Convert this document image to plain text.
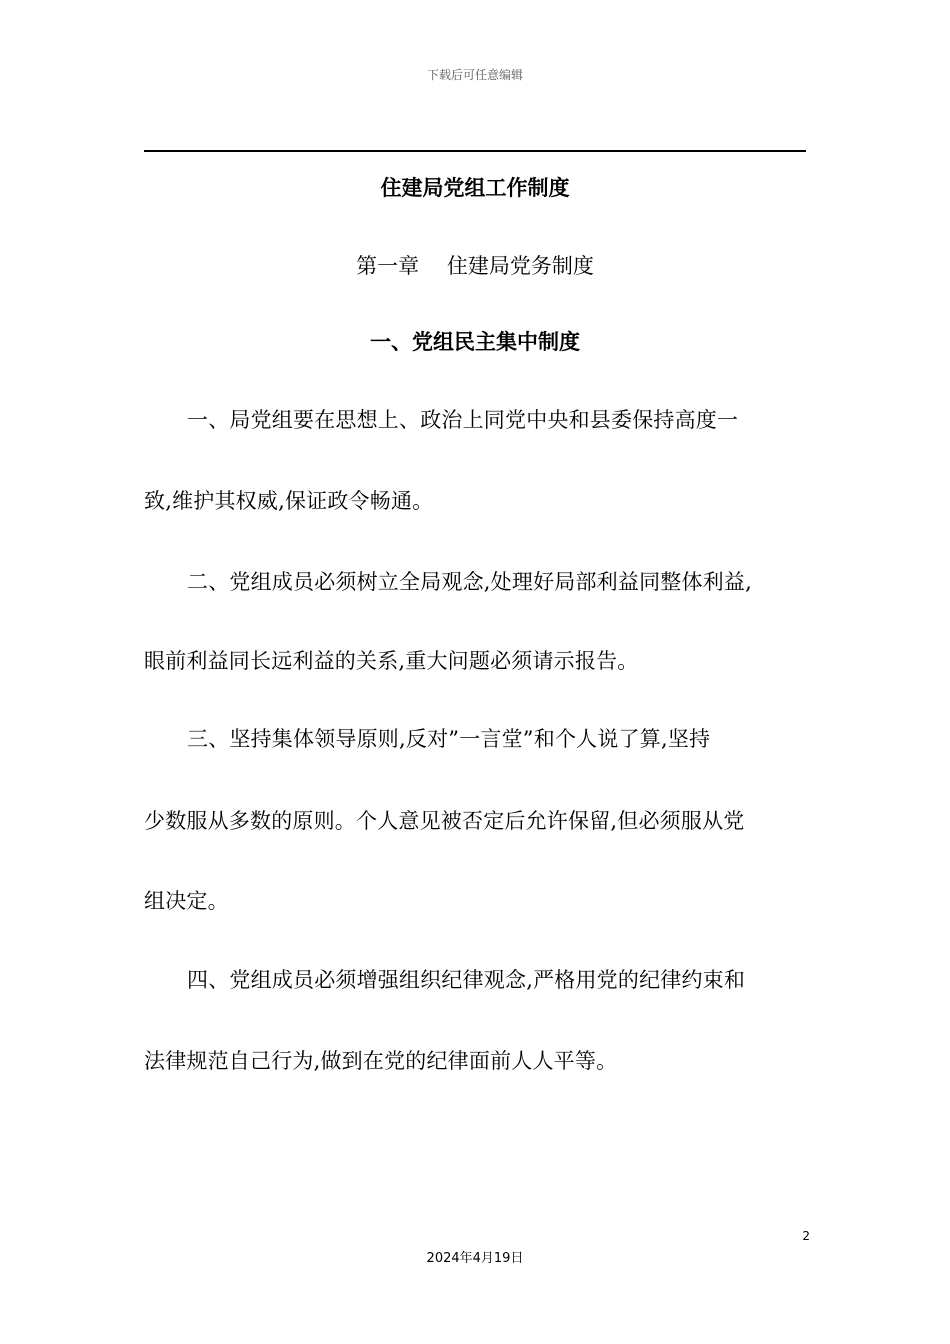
下载后可任意编辑
住建局党组工作制度
第一章　 住建局党务制度
一、党组民主集中制度
一、局党组要在思想上、政治上同党中央和县委保持高度一
致,维护其权威,保证政令畅通。
二、党组成员必须树立全局观念,处理好局部利益同整体利益,
眼前利益同长远利益的关系,重大问题必须请示报告。
三、坚持集体领导原则,反对”一言堂”和个人说了算,坚持
少数服从多数的原则。个人意见被否定后允许保留,但必须服从党
组决定。
四、党组成员必须增强组织纪律观念,严格用党的纪律约束和
法律规范自己行为,做到在党的纪律面前人人平等。
2
2024年4月19日
